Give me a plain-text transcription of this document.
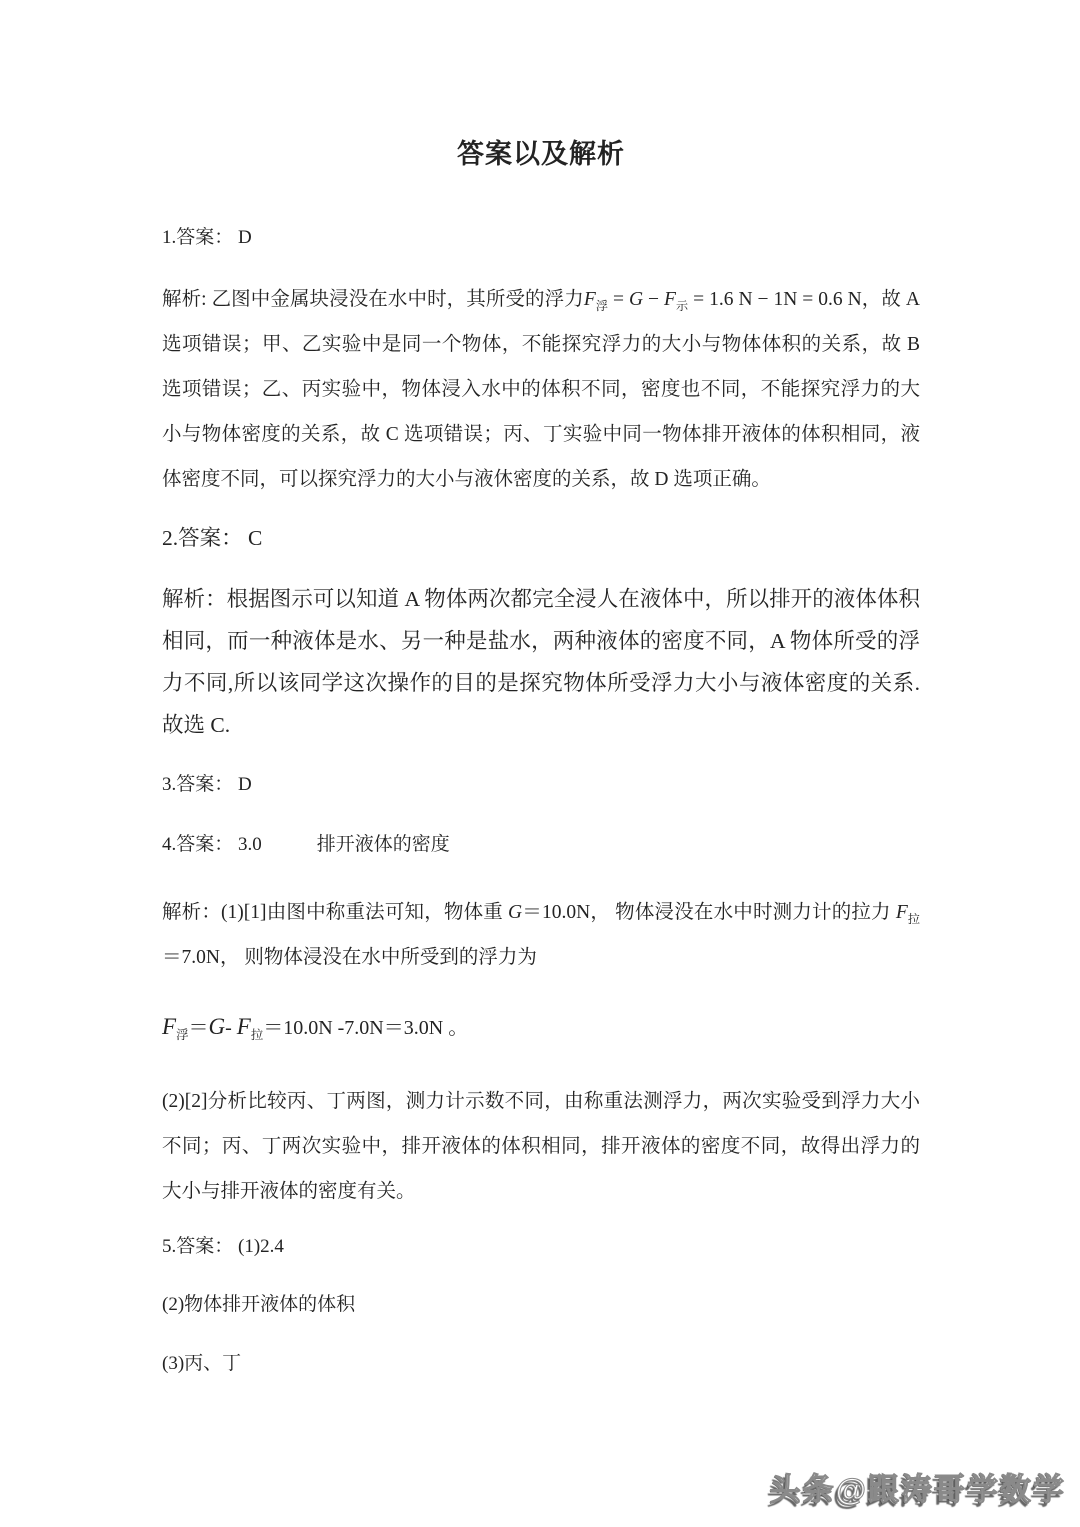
答案以及解析

1.答案： D

解析: 乙图中金属块浸没在水中时，其所受的浮力$F_浮 = G - F_示 = 1.6$ N − 1N = 0.6 N，故 A 选项错误；甲、乙实验中是同一个物体，不能探究浮力的大小与物体体积的关系，故 B 选项错误；乙、丙实验中，物体浸入水中的体积不同，密度也不同，不能探究浮力的大小与物体密度的关系，故 C 选项错误；丙、丁实验中同一物体排开液体的体积相同，液体密度不同，可以探究浮力的大小与液休密度的关系，故 D 选项正确。

2.答案： C

解析：根据图示可以知道 A 物体两次都完全浸人在液体中，所以排开的液体体积相同，而一种液体是水、另一种是盐水，两种液体的密度不同，A 物体所受的浮力不同,所以该同学这次操作的目的是探究物体所受浮力大小与液体密度的关系. 故选 C.

3.答案： D

4.答案： 3.0	排开液体的密度

解析：(1)[1]由图中称重法可知，物体重 G＝10.0N， 物体浸没在水中时测力计的拉力 $F_拉=7.0N$， 则物体浸没在水中所受到的浮力为

$F_浮=G-$ $F_拉=10.0N$ -7.0N＝3.0N 。

(2)[2]分析比较丙、丁两图，测力计示数不同，由称重法测浮力，两次实验受到浮力大小不同；丙、丁两次实验中，排开液体的体积相同，排开液体的密度不同，故得出浮力的大小与排开液体的密度有关。

5.答案： (1)2.4

(2)物体排开液体的体积

(3)丙、丁

头条@跟涛哥学数学
